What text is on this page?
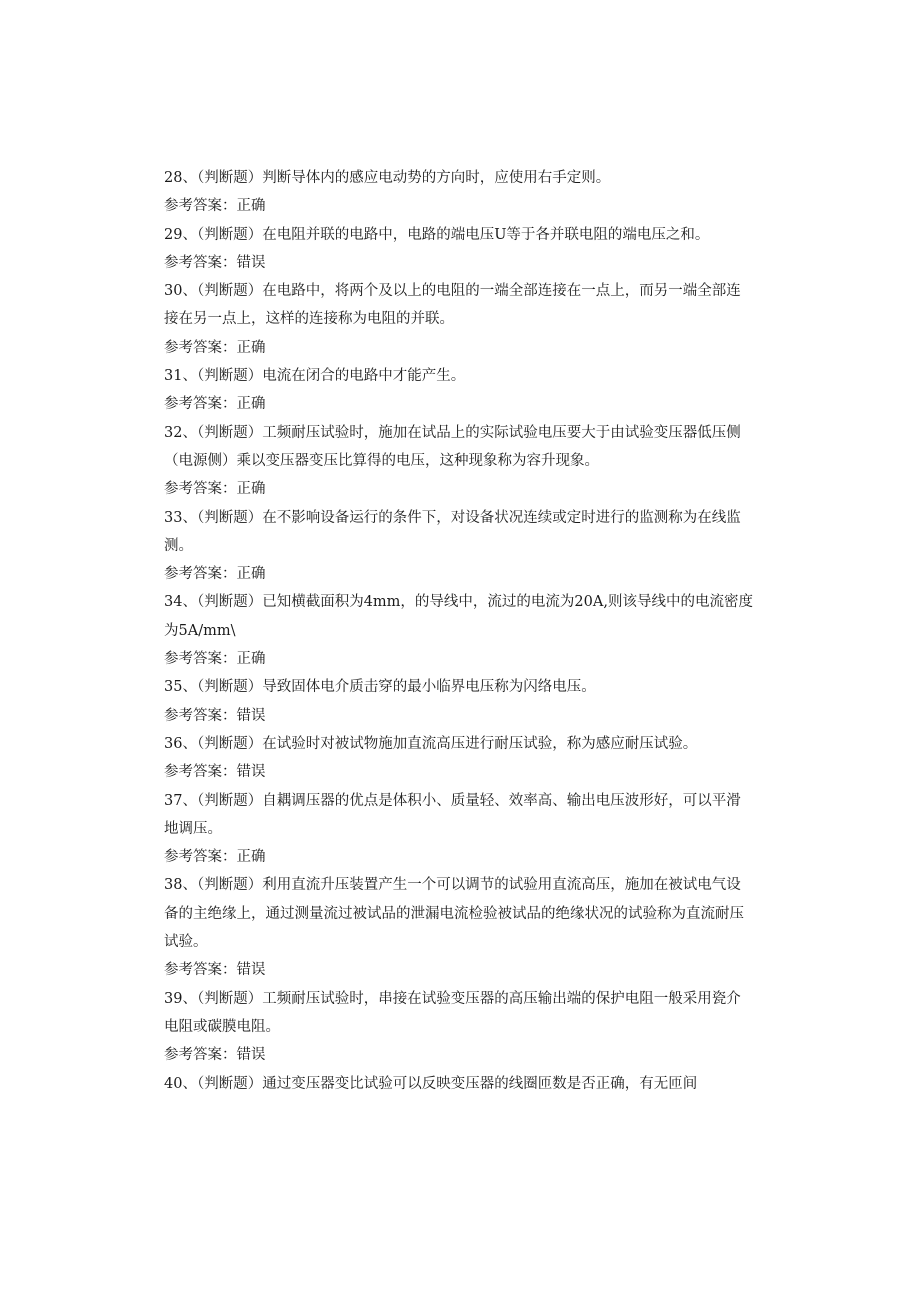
28、（判断题）判断导体内的感应电动势的方向时，应使用右手定则。

参考答案：正确

29、（判断题）在电阻并联的电路中，电路的端电压U等于各并联电阻的端电压之和。

参考答案：错误

30、（判断题）在电路中，将两个及以上的电阻的一端全部连接在一点上，而另一端全部连接在另一点上，这样的连接称为电阻的并联。

参考答案：正确

31、（判断题）电流在闭合的电路中才能产生。

参考答案：正确

32、（判断题）工频耐压试验时，施加在试品上的实际试验电压要大于由试验变压器低压侧（电源侧）乘以变压器变压比算得的电压，这种现象称为容升现象。

参考答案：正确

33、（判断题）在不影响设备运行的条件下，对设备状况连续或定时进行的监测称为在线监测。

参考答案：正确

34、（判断题）已知横截面积为4mm，的导线中，流过的电流为20A,则该导线中的电流密度为5A/mm\

参考答案：正确

35、（判断题）导致固体电介质击穿的最小临界电压称为闪络电压。

参考答案：错误

36、（判断题）在试验时对被试物施加直流高压进行耐压试验，称为感应耐压试验。

参考答案：错误

37、（判断题）自耦调压器的优点是体积小、质量轻、效率高、输出电压波形好，可以平滑地调压。

参考答案：正确

38、（判断题）利用直流升压装置产生一个可以调节的试验用直流高压，施加在被试电气设备的主绝缘上，通过测量流过被试品的泄漏电流检验被试品的绝缘状况的试验称为直流耐压试验。

参考答案：错误

39、（判断题）工频耐压试验时，串接在试验变压器的高压输出端的保护电阻一般采用瓷介电阻或碳膜电阻。

参考答案：错误

40、（判断题）通过变压器变比试验可以反映变压器的线圈匝数是否正确，有无匝间
